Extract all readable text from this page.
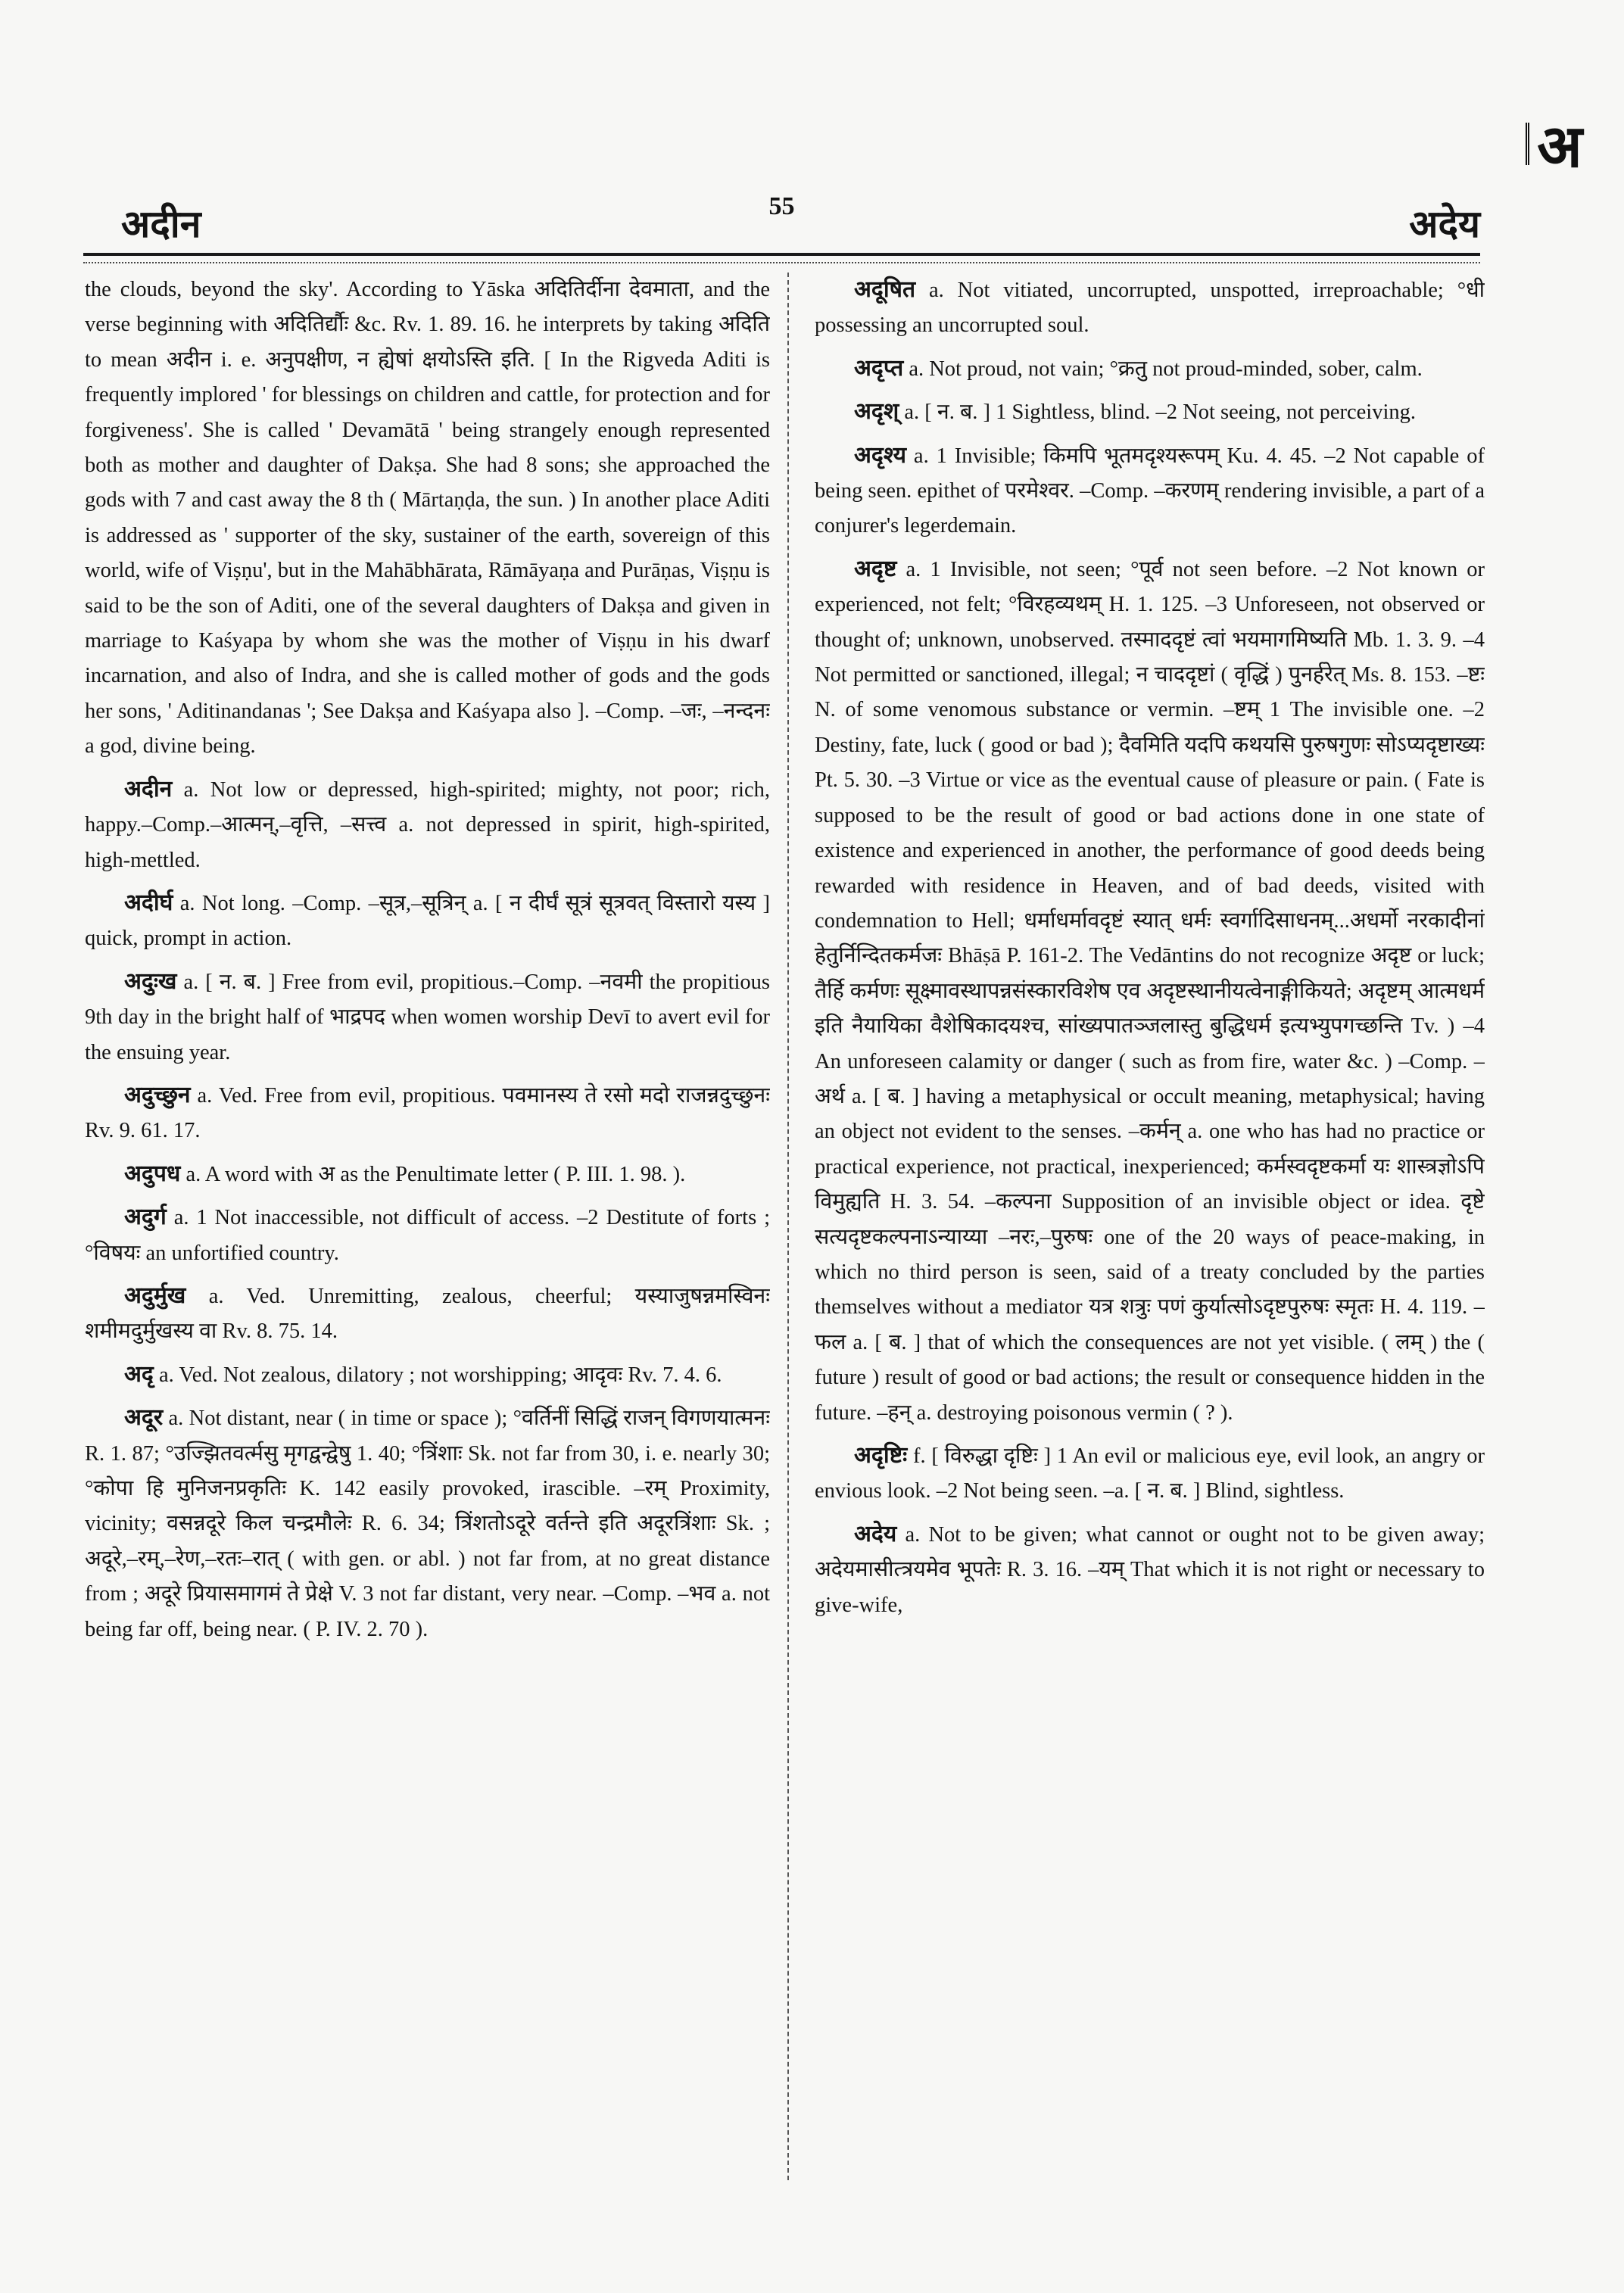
अ
अदीन	55	अदेय

the clouds, beyond the sky'. According to Yāska अदितिर्दीना देवमाता, and the verse beginning with अदितिर्द्यौः &c. Rv. 1. 89. 16. he interprets by taking अदिति to mean अदीन i. e. अनुपक्षीण, न ह्येषां क्षयोऽस्ति इति. [ In the Rigveda Aditi is frequently implored ' for blessings on children and cattle, for protection and for forgiveness'. She is called ' Devamātā ' being strangely enough represented both as mother and daughter of Dakṣa. She had 8 sons; she approached the gods with 7 and cast away the 8 th ( Mārtaṇḍa, the sun. ) In another place Aditi is addressed as ' supporter of the sky, sustainer of the earth, sovereign of this world, wife of Viṣṇu', but in the Mahābhārata, Rāmāyaṇa and Purāṇas, Viṣṇu is said to be the son of Aditi, one of the several daughters of Dakṣa and given in marriage to Kaśyapa by whom she was the mother of Viṣṇu in his dwarf incarnation, and also of Indra, and she is called mother of gods and the gods her sons, ' Aditinandanas '; See Dakṣa and Kaśyapa also ]. –Comp. –जः, –नन्दनः a god, divine being.

अदीन a. Not low or depressed, high-spirited; mighty, not poor; rich, happy.–Comp.–आत्मन्,–वृत्ति, –सत्त्व a. not depressed in spirit, high-spirited, high-mettled.

अदीर्घ a. Not long. –Comp. –सूत्र,–सूत्रिन् a. [ न दीर्घं सूत्रं सूत्रवत् विस्तारो यस्य ] quick, prompt in action.

अदुःख a. [ न. ब. ] Free from evil, propitious.–Comp. –नवमी the propitious 9th day in the bright half of भाद्रपद when women worship Devī to avert evil for the ensuing year.

अदुच्छुन a. Ved. Free from evil, propitious. पवमानस्य ते रसो मदो राजन्नदुच्छुनः Rv. 9. 61. 17.

अदुपध a. A word with अ as the Penultimate letter ( P. III. 1. 98. ).

अदुर्ग a. 1 Not inaccessible, not difficult of access. –2 Destitute of forts ; °विषयः an unfortified country.

अदुर्मुख a. Ved. Unremitting, zealous, cheerful; यस्याजुषन्नमस्विनः शमीमदुर्मुखस्य वा Rv. 8. 75. 14.

अदृ a. Ved. Not zealous, dilatory ; not worshipping; आदृवः Rv. 7. 4. 6.

अदूर a. Not distant, near ( in time or space ); °वर्तिनीं सिद्धिं राजन् विगणयात्मनः R. 1. 87; °उज्झितवर्त्मसु मृगद्वन्द्वेषु 1. 40; °त्रिंशाः Sk. not far from 30, i. e. nearly 30; °कोपा हि मुनिजनप्रकृतिः K. 142 easily provoked, irascible. –रम् Proximity, vicinity; वसन्नदूरे किल चन्द्रमौलेः R. 6. 34; त्रिंशतोऽदूरे वर्तन्ते इति अदूरत्रिंशाः Sk. ; अदूरे,–रम्,–रेण,–रतः–रात् ( with gen. or abl. ) not far from, at no great distance from ; अदूरे प्रियासमागमं ते प्रेक्षे V. 3 not far distant, very near. –Comp. –भव a. not being far off, being near. ( P. IV. 2. 70 ).

अदूषित a. Not vitiated, uncorrupted, unspotted, irreproachable; °धी possessing an uncorrupted soul.

अदृप्त a. Not proud, not vain; °क्रतु not proud-minded, sober, calm.

अदृश् a. [ न. ब. ] 1 Sightless, blind. –2 Not seeing, not perceiving.

अदृश्य a. 1 Invisible; किमपि भूतमदृश्यरूपम् Ku. 4. 45. –2 Not capable of being seen. epithet of परमेश्वर. –Comp. –करणम् rendering invisible, a part of a conjurer's legerdemain.

अदृष्ट a. 1 Invisible, not seen; °पूर्व not seen before. –2 Not known or experienced, not felt; °विरहव्यथम् H. 1. 125. –3 Unforeseen, not observed or thought of; unknown, unobserved. तस्माददृष्टं त्वां भयमागमिष्यति Mb. 1. 3. 9. –4 Not permitted or sanctioned, illegal; न चाददृष्टां ( वृद्धिं ) पुनर्हरेत् Ms. 8. 153. –ष्टः N. of some venomous substance or vermin. –ष्टम् 1 The invisible one. –2 Destiny, fate, luck ( good or bad ); दैवमिति यदपि कथयसि पुरुषगुणः सोऽप्यदृष्टाख्यः Pt. 5. 30. –3 Virtue or vice as the eventual cause of pleasure or pain. ( Fate is supposed to be the result of good or bad actions done in one state of existence and experienced in another, the performance of good deeds being rewarded with residence in Heaven, and of bad deeds, visited with condemnation to Hell; धर्माधर्मावदृष्टं स्यात् धर्मः स्वर्गादिसाधनम्...अधर्मो नरकादीनां हेतुर्निन्दितकर्मजः Bhāṣā P. 161-2. The Vedāntins do not recognize अदृष्ट or luck; तैर्हि कर्मणः सूक्ष्मावस्थापन्नसंस्कारविशेष एव अदृष्टस्थानीयत्वेनाङ्गीकियते; अदृष्टम् आत्मधर्म इति नैयायिका वैशेषिकादयश्च, सांख्यपातञ्जलास्तु बुद्धिधर्म इत्यभ्युपगच्छन्ति Tv. ) –4 An unforeseen calamity or danger ( such as from fire, water &c. ) –Comp. –अर्थ a. [ ब. ] having a metaphysical or occult meaning, metaphysical; having an object not evident to the senses. –कर्मन् a. one who has had no practice or practical experience, not practical, inexperienced; कर्मस्वदृष्टकर्मा यः शास्त्रज्ञोऽपि विमुह्यति H. 3. 54. –कल्पना Supposition of an invisible object or idea. दृष्टे सत्यदृष्टकल्पनाऽन्याय्या –नरः,–पुरुषः one of the 20 ways of peace-making, in which no third person is seen, said of a treaty concluded by the parties themselves without a mediator यत्र शत्रुः पणं कुर्यात्सोऽदृष्टपुरुषः स्मृतः H. 4. 119. –फल a. [ ब. ] that of which the consequences are not yet visible. ( लम् ) the ( future ) result of good or bad actions; the result or consequence hidden in the future. –हन् a. destroying poisonous vermin ( ? ).

अदृष्टिः f. [ विरुद्धा दृष्टिः ] 1 An evil or malicious eye, evil look, an angry or envious look. –2 Not being seen. –a. [ न. ब. ] Blind, sightless.

अदेय a. Not to be given; what cannot or ought not to be given away; अदेयमासीत्त्रयमेव भूपतेः R. 3. 16. –यम् That which it is not right or necessary to give-wife,
